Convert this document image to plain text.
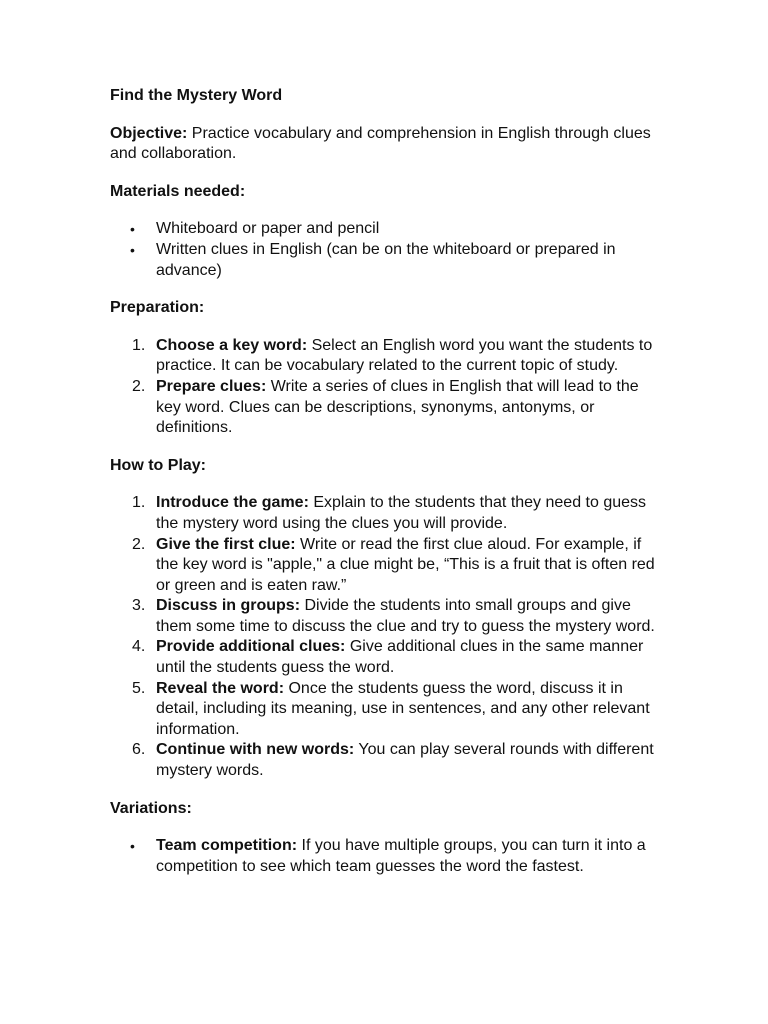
Find the Mystery Word

Objective: Practice vocabulary and comprehension in English through clues and collaboration.

Materials needed:

• Whiteboard or paper and pencil
• Written clues in English (can be on the whiteboard or prepared in advance)

Preparation:

1. Choose a key word: Select an English word you want the students to practice. It can be vocabulary related to the current topic of study.
2. Prepare clues: Write a series of clues in English that will lead to the key word. Clues can be descriptions, synonyms, antonyms, or definitions.

How to Play:

1. Introduce the game: Explain to the students that they need to guess the mystery word using the clues you will provide.
2. Give the first clue: Write or read the first clue aloud. For example, if the key word is "apple," a clue might be, “This is a fruit that is often red or green and is eaten raw.”
3. Discuss in groups: Divide the students into small groups and give them some time to discuss the clue and try to guess the mystery word.
4. Provide additional clues: Give additional clues in the same manner until the students guess the word.
5. Reveal the word: Once the students guess the word, discuss it in detail, including its meaning, use in sentences, and any other relevant information.
6. Continue with new words: You can play several rounds with different mystery words.

Variations:

• Team competition: If you have multiple groups, you can turn it into a competition to see which team guesses the word the fastest.
